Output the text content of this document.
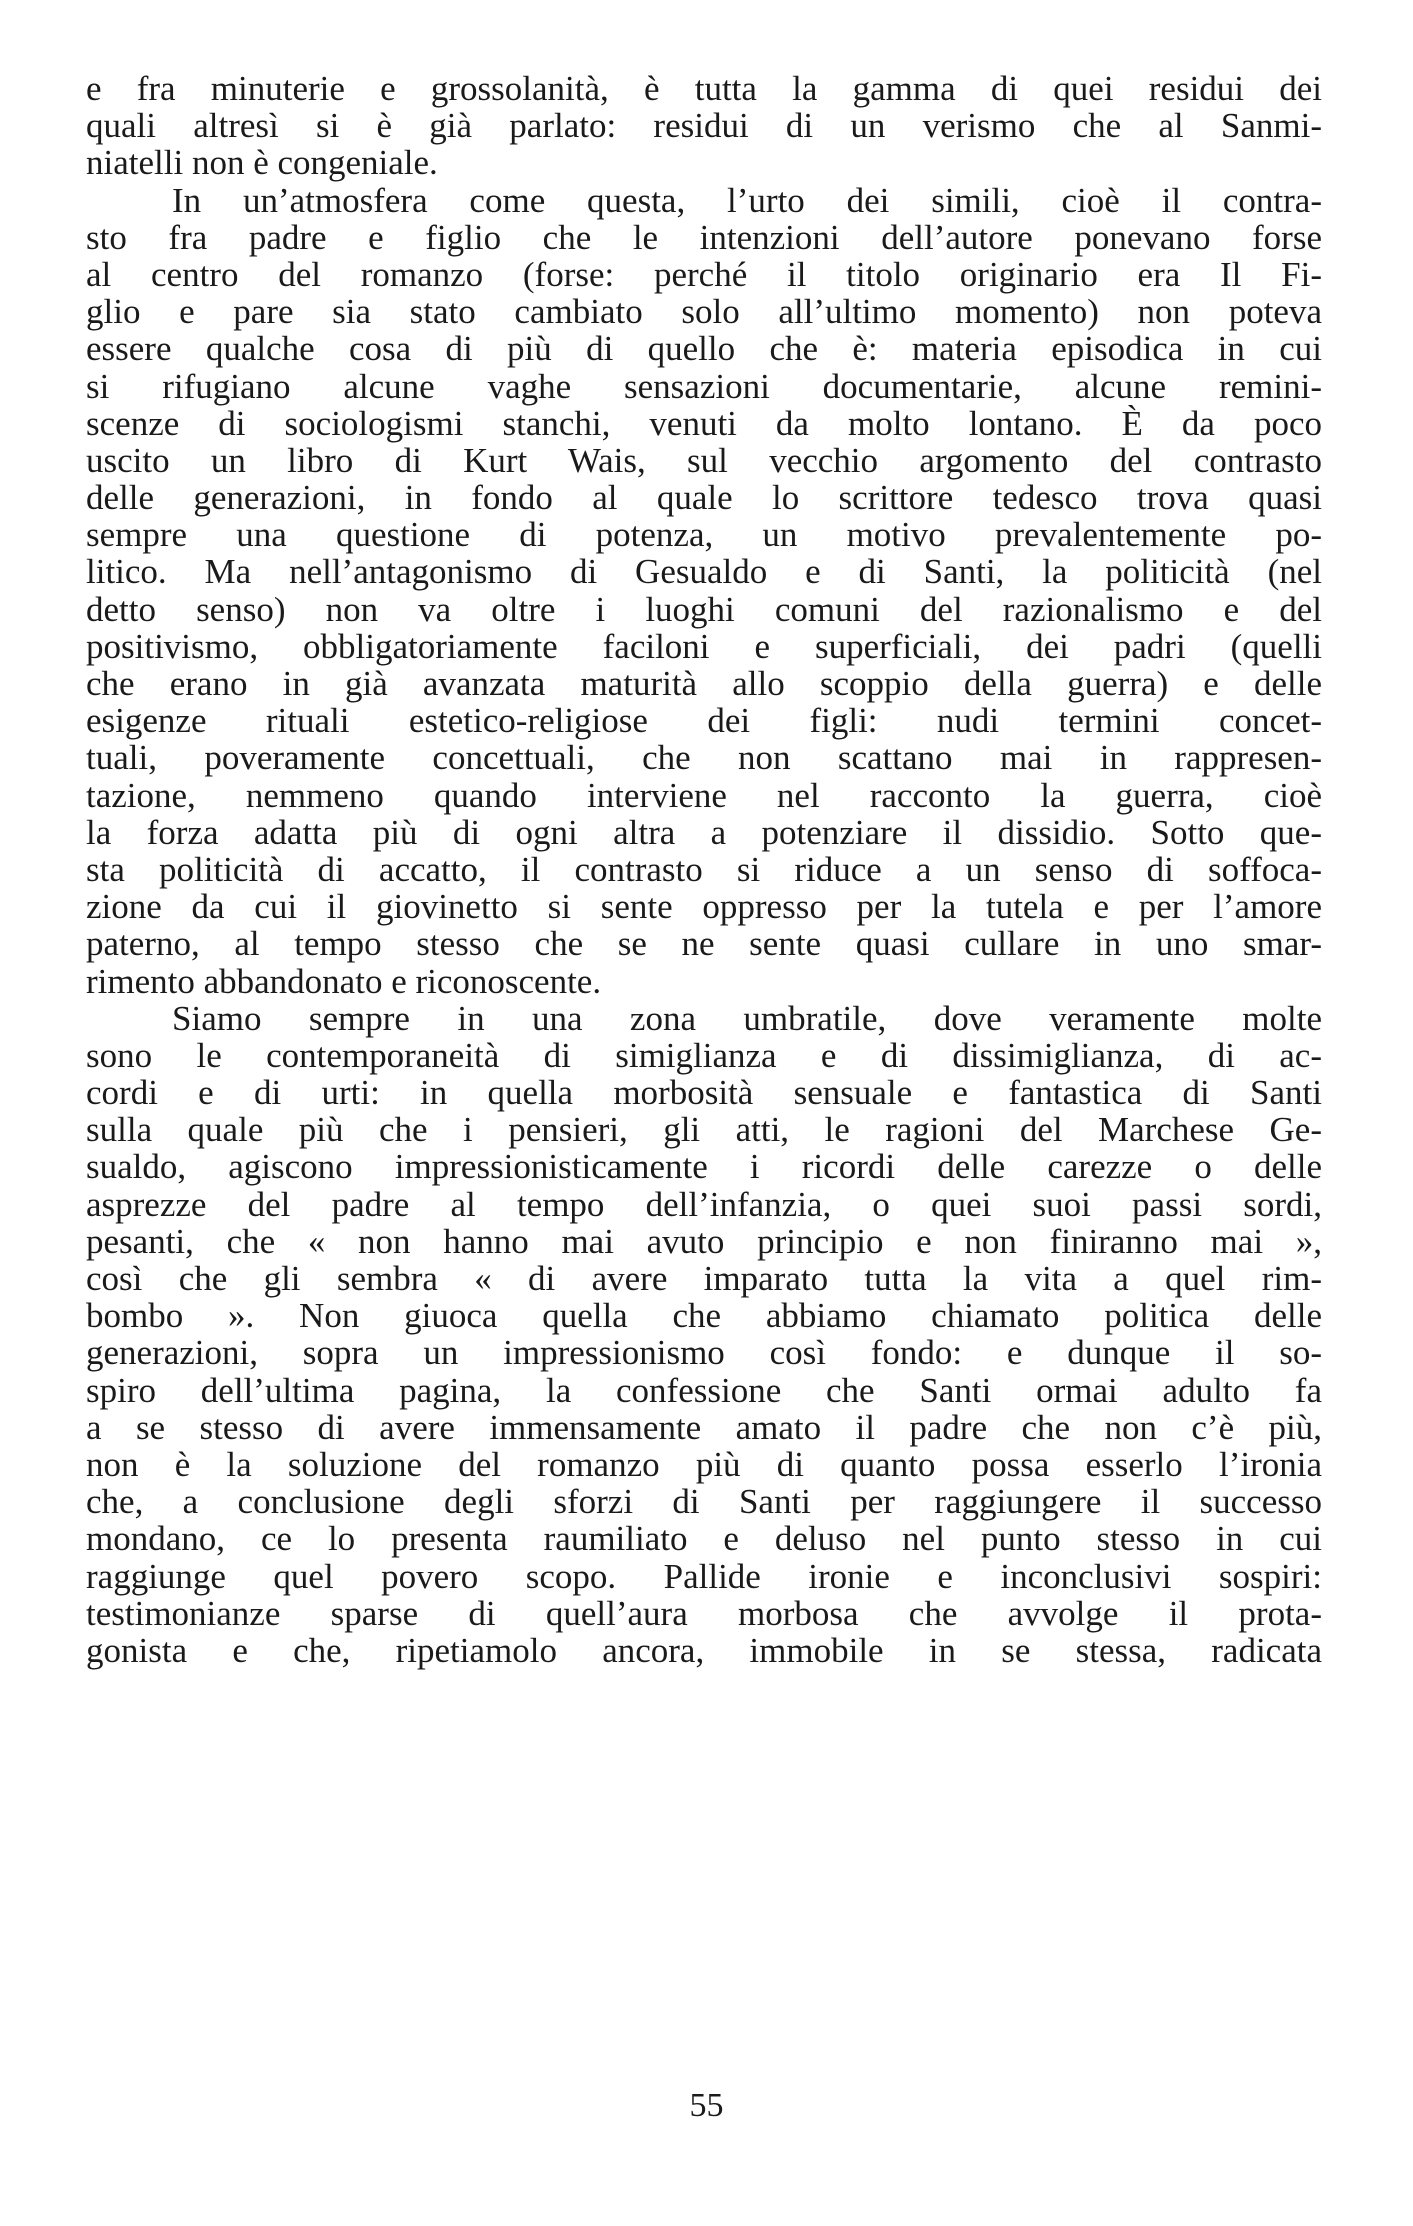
e fra minuterie e grossolanità, è tutta la gamma di quei residui dei
quali altresì si è già parlato: residui di un verismo che al Sanmi-
niatelli non è congeniale.
In un’atmosfera come questa, l’urto dei simili, cioè il contra-
sto fra padre e figlio che le intenzioni dell’autore ponevano forse
al centro del romanzo (forse: perché il titolo originario era Il Fi-
glio e pare sia stato cambiato solo all’ultimo momento) non poteva
essere qualche cosa di più di quello che è: materia episodica in cui
si rifugiano alcune vaghe sensazioni documentarie, alcune remini-
scenze di sociologismi stanchi, venuti da molto lontano. È da poco
uscito un libro di Kurt Wais, sul vecchio argomento del contrasto
delle generazioni, in fondo al quale lo scrittore tedesco trova quasi
sempre una questione di potenza, un motivo prevalentemente po-
litico. Ma nell’antagonismo di Gesualdo e di Santi, la politicità (nel
detto senso) non va oltre i luoghi comuni del razionalismo e del
positivismo, obbligatoriamente faciloni e superficiali, dei padri (quelli
che erano in già avanzata maturità allo scoppio della guerra) e delle
esigenze rituali estetico-religiose dei figli: nudi termini concet-
tuali, poveramente concettuali, che non scattano mai in rappresen-
tazione, nemmeno quando interviene nel racconto la guerra, cioè
la forza adatta più di ogni altra a potenziare il dissidio. Sotto que-
sta politicità di accatto, il contrasto si riduce a un senso di soffoca-
zione da cui il giovinetto si sente oppresso per la tutela e per l’amore
paterno, al tempo stesso che se ne sente quasi cullare in uno smar-
rimento abbandonato e riconoscente.
Siamo sempre in una zona umbratile, dove veramente molte
sono le contemporaneità di simiglianza e di dissimiglianza, di ac-
cordi e di urti: in quella morbosità sensuale e fantastica di Santi
sulla quale più che i pensieri, gli atti, le ragioni del Marchese Ge-
sualdo, agiscono impressionisticamente i ricordi delle carezze o delle
asprezze del padre al tempo dell’infanzia, o quei suoi passi sordi,
pesanti, che « non hanno mai avuto principio e non finiranno mai »,
così che gli sembra « di avere imparato tutta la vita a quel rim-
bombo ». Non giuoca quella che abbiamo chiamato politica delle
generazioni, sopra un impressionismo così fondo: e dunque il so-
spiro dell’ultima pagina, la confessione che Santi ormai adulto fa
a se stesso di avere immensamente amato il padre che non c’è più,
non è la soluzione del romanzo più di quanto possa esserlo l’ironia
che, a conclusione degli sforzi di Santi per raggiungere il successo
mondano, ce lo presenta raumiliato e deluso nel punto stesso in cui
raggiunge quel povero scopo. Pallide ironie e inconclusivi sospiri:
testimonianze sparse di quell’aura morbosa che avvolge il prota-
gonista e che, ripetiamolo ancora, immobile in se stessa, radicata
55
